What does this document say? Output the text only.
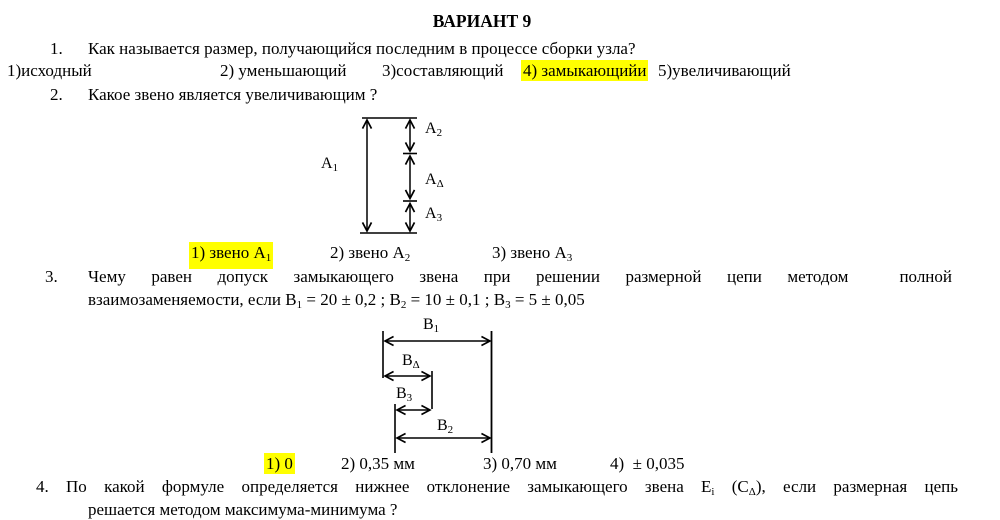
ВАРИАНТ 9
1. Как называется размер, получающийся последним в процессе сборки узла?
1)исходный	2) уменьшающий 3)составляющий 4) замыкающийи 5)увеличивающий
2. Какое звено является увеличивающим ?
A1
A2
AΔ
A3
1) звено A1	2) звено A2	3) звено A3
3. Чему равен допуск замыкающего звена при решении размерной цепи методом  полной
взаимозаменяемости, если B1 = 20 ± 0,2 ; B2 = 10 ± 0,1 ; B3 = 5 ± 0,05
B1
BΔ
B3
B2
1) 0	2) 0,35 мм	3) 0,70 мм	4)  ± 0,035
4. По какой формуле определяется нижнее отклонение замыкающего звена Ei (CΔ), если размерная цепь
решается методом максимума-минимума ?
